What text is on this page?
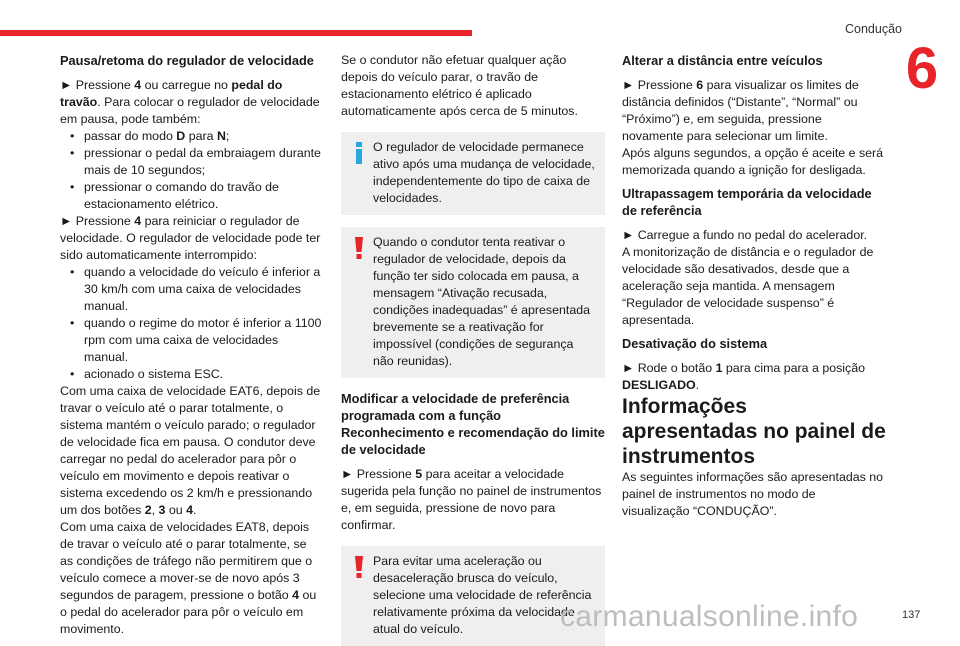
Condução
6

Pausa/retoma do regulador de velocidade

► Pressione 4 ou carregue no pedal do travão. Para colocar o regulador de velocidade em pausa, pode também:

• passar do modo D para N;
• pressionar o pedal da embraiagem durante mais de 10 segundos;
• pressionar o comando do travão de estacionamento elétrico.

► Pressione 4 para reiniciar o regulador de velocidade. O regulador de velocidade pode ter sido automaticamente interrompido:

• quando a velocidade do veículo é inferior a 30 km/h com uma caixa de velocidades manual.
• quando o regime do motor é inferior a 1100 rpm com uma caixa de velocidades manual.
• acionado o sistema ESC.

Com uma caixa de velocidade EAT6, depois de travar o veículo até o parar totalmente, o sistema mantém o veículo parado; o regulador de velocidade fica em pausa. O condutor deve carregar no pedal do acelerador para pôr o veículo em movimento e depois reativar o sistema excedendo os 2 km/h e pressionando um dos botões 2, 3 ou 4.

Com uma caixa de velocidades EAT8, depois de travar o veículo até o parar totalmente, se as condições de tráfego não permitirem que o veículo comece a mover-se de novo após 3 segundos de paragem, pressione o botão 4 ou o pedal do acelerador para pôr o veículo em movimento.

Se o condutor não efetuar qualquer ação depois do veículo parar, o travão de estacionamento elétrico é aplicado automaticamente após cerca de 5 minutos.

O regulador de velocidade permanece ativo após uma mudança de velocidade, independentemente do tipo de caixa de velocidades.
Quando o condutor tenta reativar o regulador de velocidade, depois da função ter sido colocada em pausa, a mensagem “Ativação recusada, condições inadequadas” é apresentada brevemente se a reativação for impossível (condições de segurança não reunidas).

Modificar a velocidade de preferência programada com a função Reconhecimento e recomendação do limite de velocidade

► Pressione 5 para aceitar a velocidade sugerida pela função no painel de instrumentos e, em seguida, pressione de novo para confirmar.

Para evitar uma aceleração ou desaceleração brusca do veículo, selecione uma velocidade de referência relativamente próxima da velocidade atual do veículo.

Alterar a distância entre veículos

► Pressione 6 para visualizar os limites de distância definidos (“Distante”, “Normal” ou “Próximo”) e, em seguida, pressione novamente para selecionar um limite.

Após alguns segundos, a opção é aceite e será memorizada quando a ignição for desligada.

Ultrapassagem temporária da velocidade de referência

► Carregue a fundo no pedal do acelerador.

A monitorização de distância e o regulador de velocidade são desativados, desde que a aceleração seja mantida. A mensagem “Regulador de velocidade suspenso” é apresentada.

Desativação do sistema

► Rode o botão 1 para cima para a posição DESLIGADO.

Informações apresentadas no painel de instrumentos

As seguintes informações são apresentadas no painel de instrumentos no modo de visualização “CONDUÇÃO”.

137
carmanualsonline.info
